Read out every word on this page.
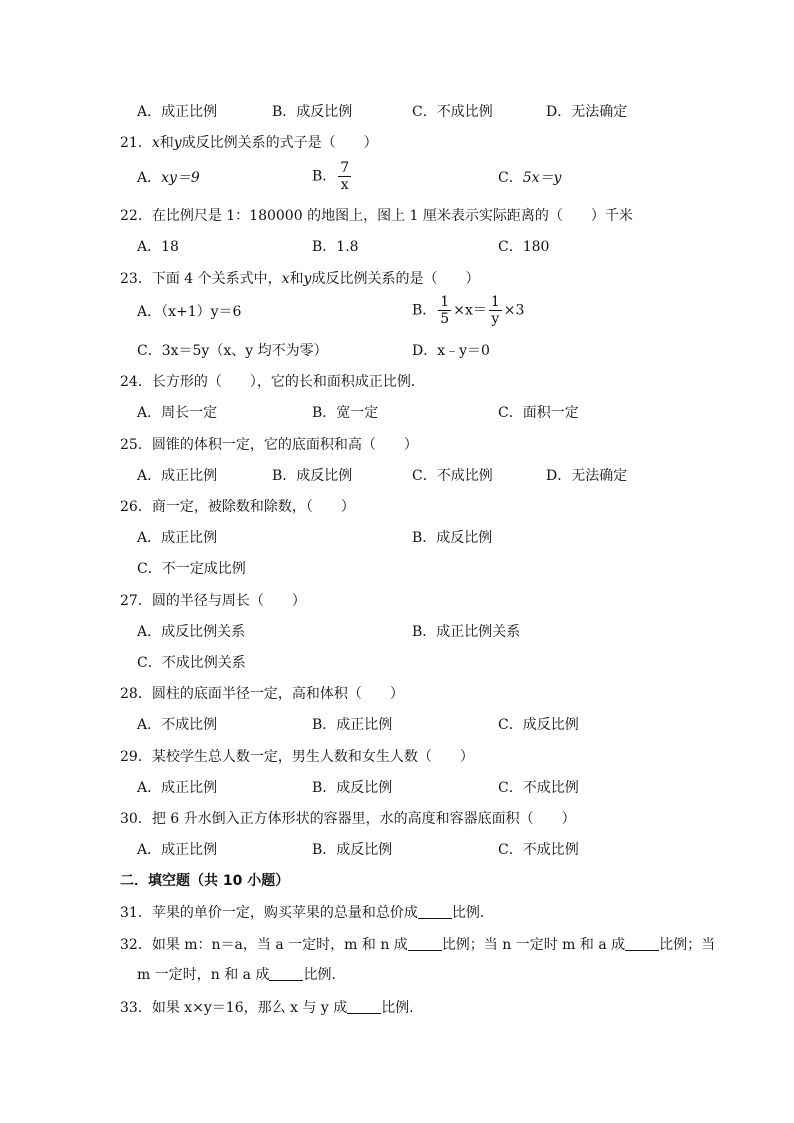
A．成正比例	B．成反比例	C．不成比例	D．无法确定
21．x和y成反比例关系的式子是（　　）
A．xy＝9	B． $\frac{7}{x}$	C．5x＝y
22．在比例尺是 1：180000 的地图上，图上 1 厘米表示实际距离的（　　）千米
A．18	B．1.8	C．180
23．下面 4 个关系式中，x和y成反比例关系的是（　　）
A．（x+1）y＝6	B． $\frac{1}{5} \times x= \frac{1}{y} \times 3$
C．3x＝5y（x、y 均不为零）	D．x﹣y＝0
24．长方形的（　　），它的长和面积成正比例．
A．周长一定	B．宽一定	C．面积一定
25．圆锥的体积一定，它的底面积和高（　　）
A．成正比例	B．成反比例	C．不成比例	D．无法确定
26．商一定，被除数和除数，（　　）
A．成正比例	B．成反比例
C．不一定成比例
27．圆的半径与周长（　　）
A．成反比例关系	B．成正比例关系
C．不成比例关系
28．圆柱的底面半径一定，高和体积（　　）
A．不成比例	B．成正比例	C．成反比例
29．某校学生总人数一定，男生人数和女生人数（　　）
A．成正比例	B．成反比例	C．不成比例
30．把 6 升水倒入正方体形状的容器里，水的高度和容器底面积（　　）
A．成正比例	B．成反比例	C．不成比例
二．填空题（共 10 小题）
31．苹果的单价一定，购买苹果的总量和总价成 比例．
32．如果 m：n＝a，当 a 一定时，m 和 n 成 比例；当 n 一定时 m 和 a 成 比例；当
m 一定时，n 和 a 成 比例．
33．如果 x×y＝16，那么 x 与 y 成 比例．
